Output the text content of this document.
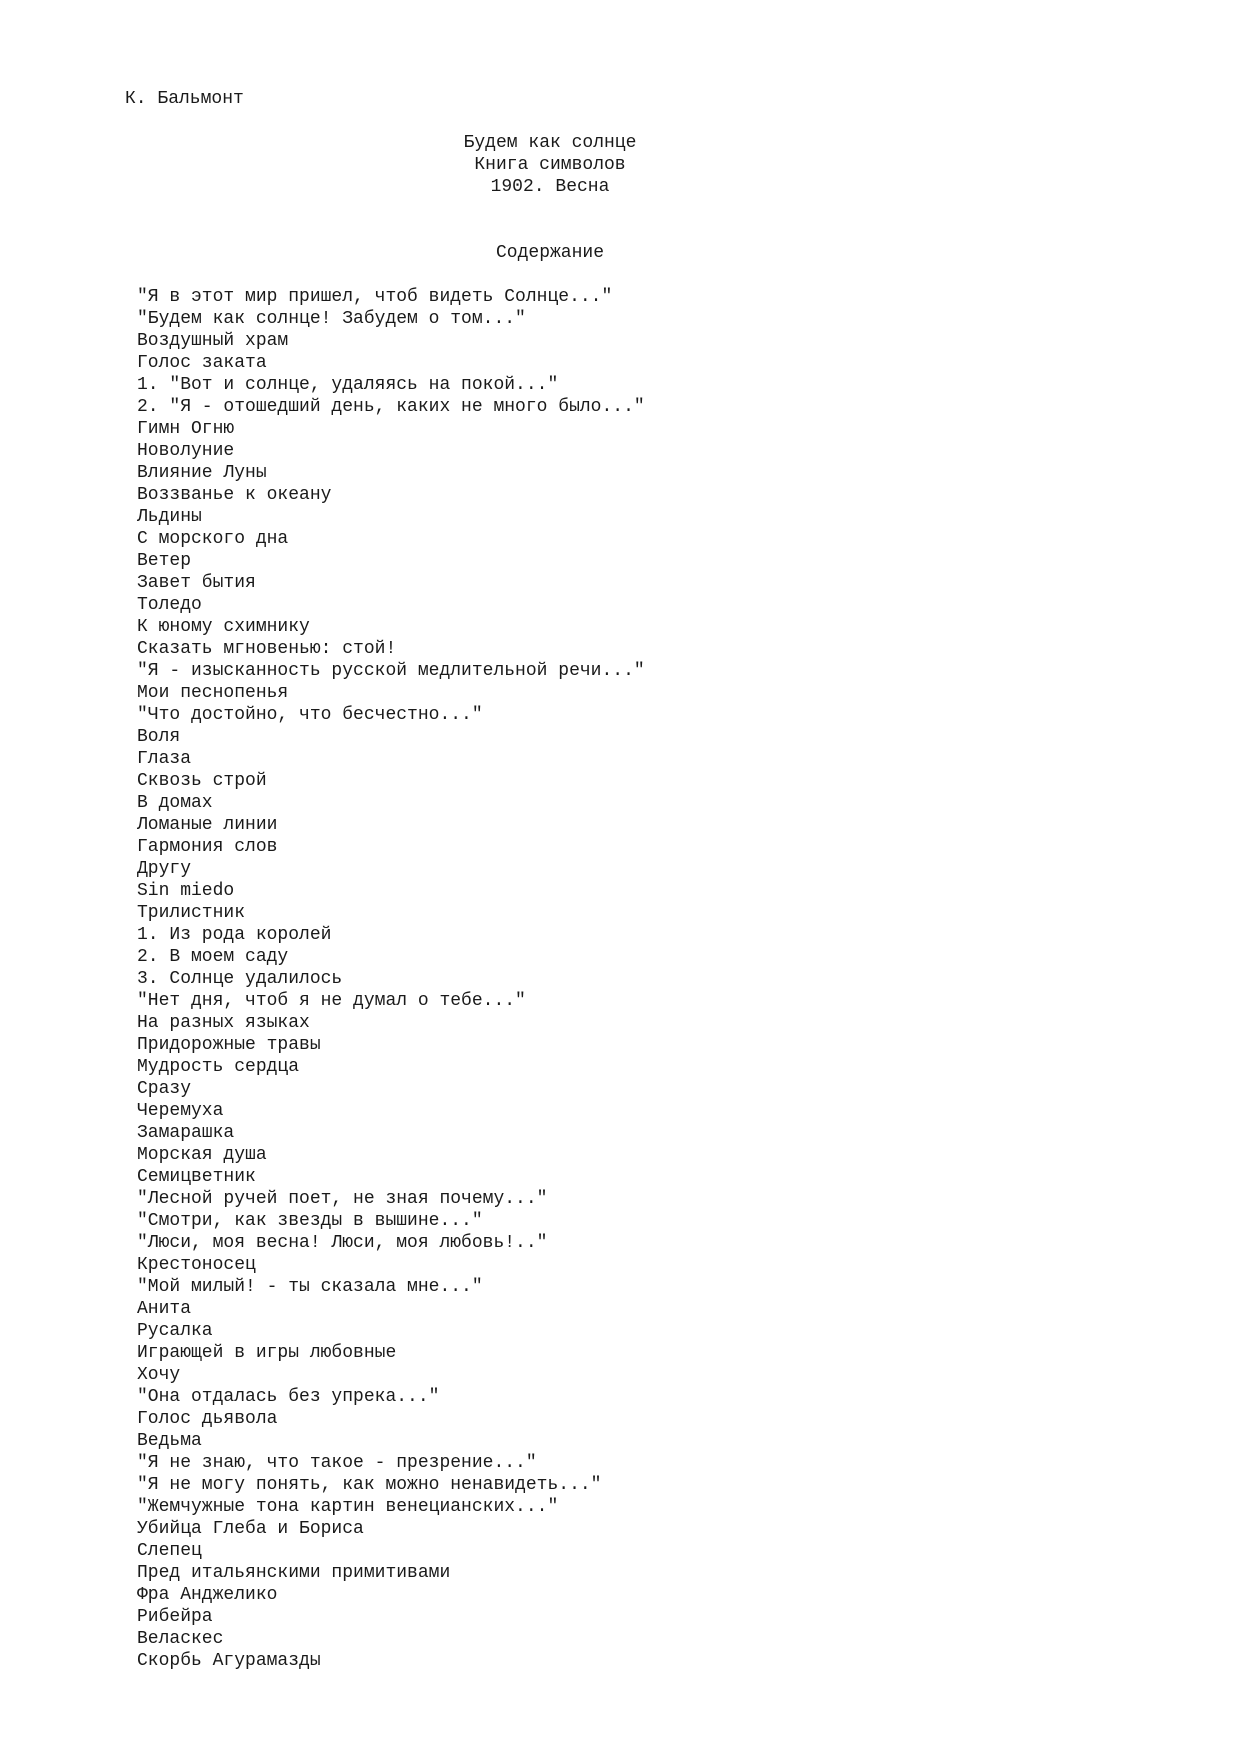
К. Бальмонт
Будем как солнце
Книга символов
1902. Весна
Содержание
"Я в этот мир пришел, чтоб видеть Солнце..."
"Будем как солнце! Забудем о том..."
Воздушный храм
Голос заката
1. "Вот и солнце, удаляясь на покой..."
2. "Я - отошедший день, каких не много было..."
Гимн Огню
Новолуние
Влияние Луны
Воззванье к океану
Льдины
С морского дна
Ветер
Завет бытия
Толедо
К юному схимнику
Сказать мгновенью: стой!
"Я - изысканность русской медлительной речи..."
Мои песнопенья
"Что достойно, что бесчестно..."
Воля
Глаза
Сквозь строй
В домах
Ломаные линии
Гармония слов
Другу
Sin miedo
Трилистник
1. Из рода королей
2. В моем саду
3. Солнце удалилось
"Нет дня, чтоб я не думал о тебе..."
На разных языках
Придорожные травы
Мудрость сердца
Сразу
Черемуха
Замарашка
Морская душа
Семицветник
"Лесной ручей поет, не зная почему..."
"Смотри, как звезды в вышине..."
"Люси, моя весна! Люси, моя любовь!.."
Крестоносец
"Мой милый! - ты сказала мне..."
Анита
Русалка
Играющей в игры любовные
Хочу
"Она отдалась без упрека..."
Голос дьявола
Ведьма
"Я не знаю, что такое - презрение..."
"Я не могу понять, как можно ненавидеть..."
"Жемчужные тона картин венецианских..."
Убийца Глеба и Бориса
Слепец
Пред итальянскими примитивами
Фра Анджелико
Рибейра
Веласкес
Скорбь Агурамазды
